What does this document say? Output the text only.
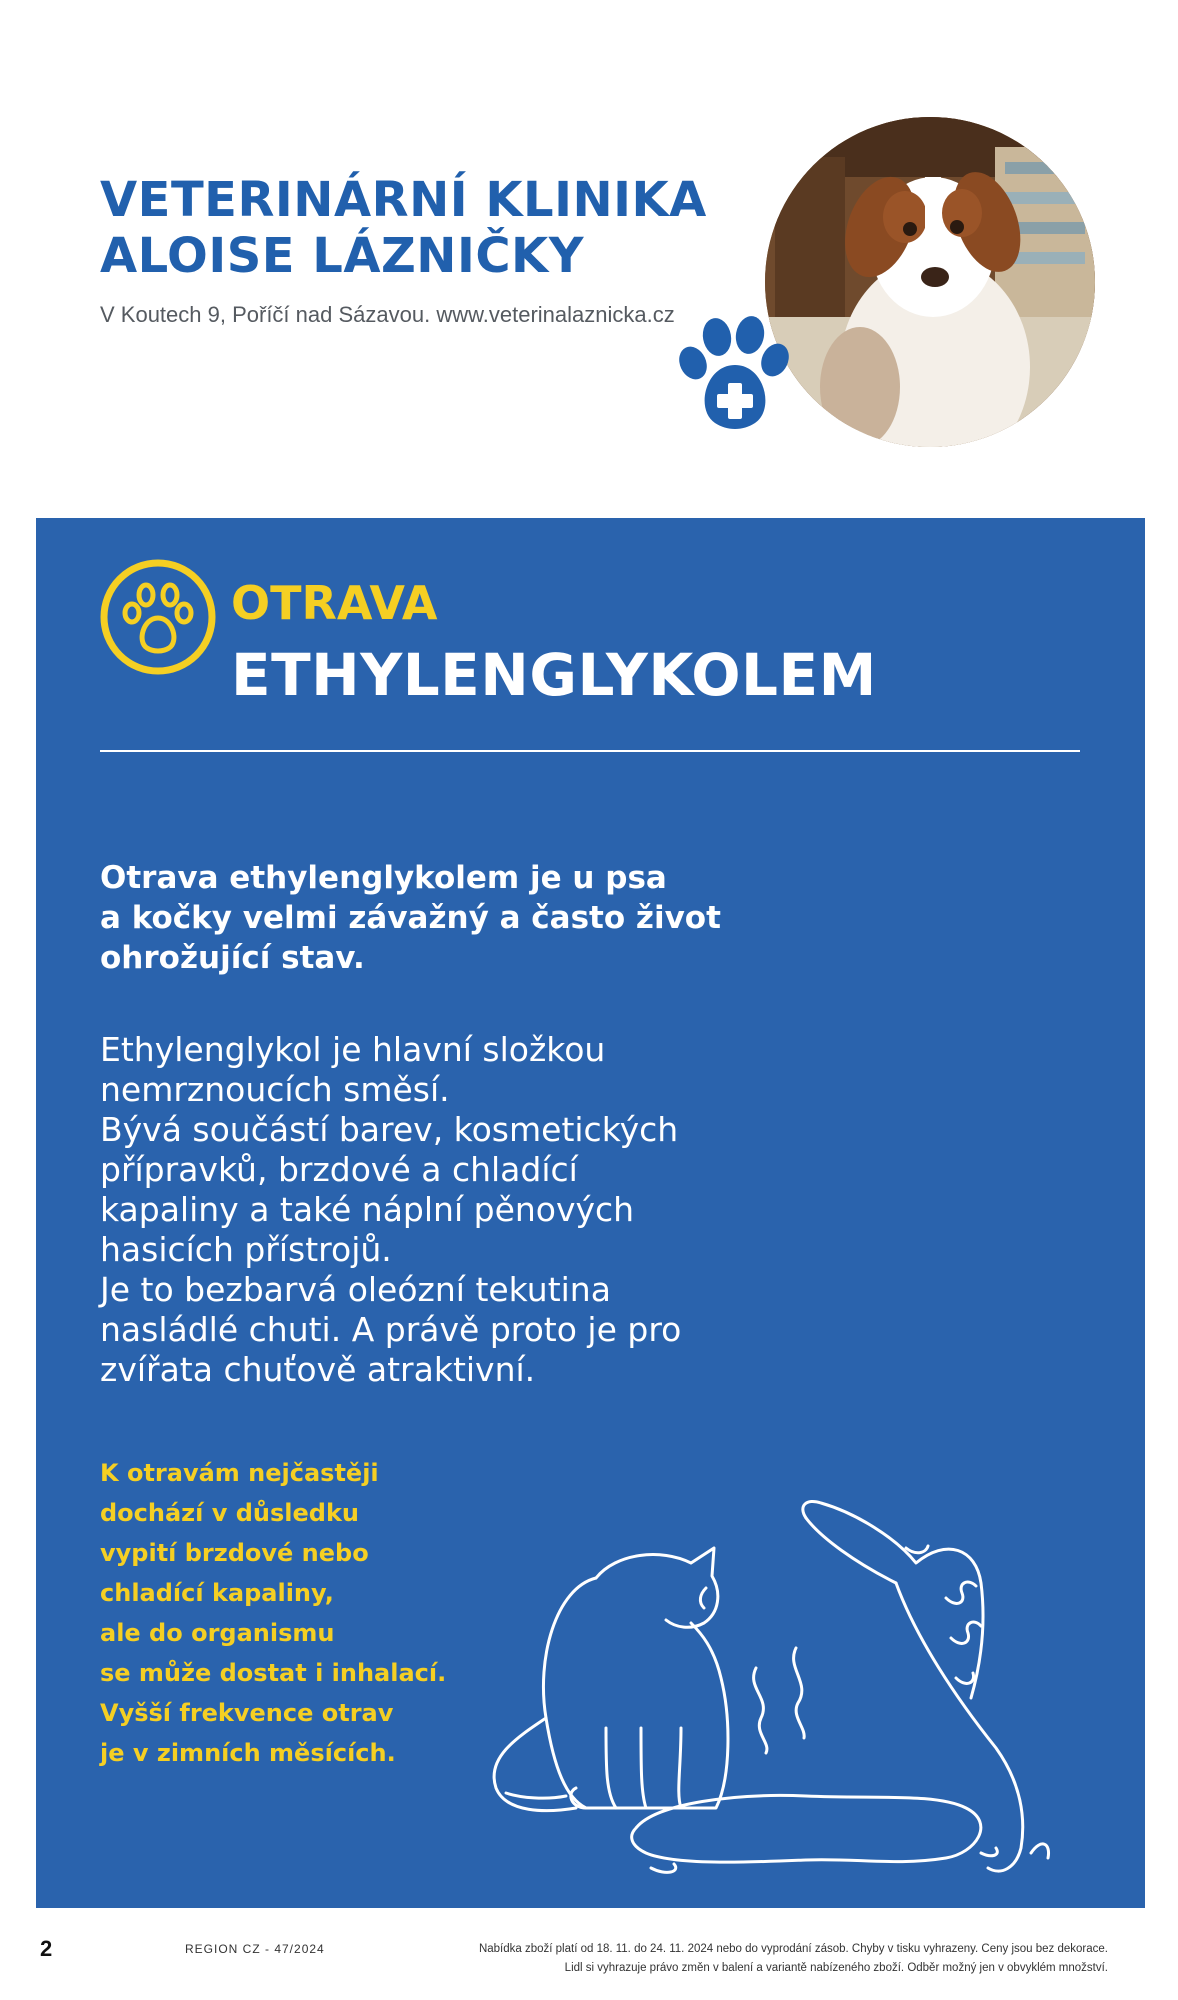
VETERINÁRNÍ KLINIKA
ALOISE LÁZNIČKY

V Koutech 9, Poříčí nad Sázavou. www.veterinalaznicka.cz

OTRAVA
ETHYLENGLYKOLEM

Otrava ethylenglykolem je u psa
a kočky velmi závažný a často život
ohrožující stav.

Ethylenglykol je hlavní složkou
nemrznoucích směsí.
Bývá součástí barev, kosmetických
přípravků, brzdové a chladící
kapaliny a také náplní pěnových
hasicích přístrojů.
Je to bezbarvá oleózní tekutina
nasládlé chuti. A právě proto je pro
zvířata chuťově atraktivní.

K otravám nejčastěji
dochází v důsledku
vypití brzdové nebo
chladící kapaliny,
ale do organismu
se může dostat i inhalací.
Vyšší frekvence otrav
je v zimních měsících.

2	REGION CZ - 47/2024	Nabídka zboží platí od 18. 11. do 24. 11. 2024 nebo do vyprodání zásob. Chyby v tisku vyhrazeny. Ceny jsou bez dekorace.
Lidl si vyhrazuje právo změn v balení a variantě nabízeného zboží. Odběr možný jen v obvyklém množství.
